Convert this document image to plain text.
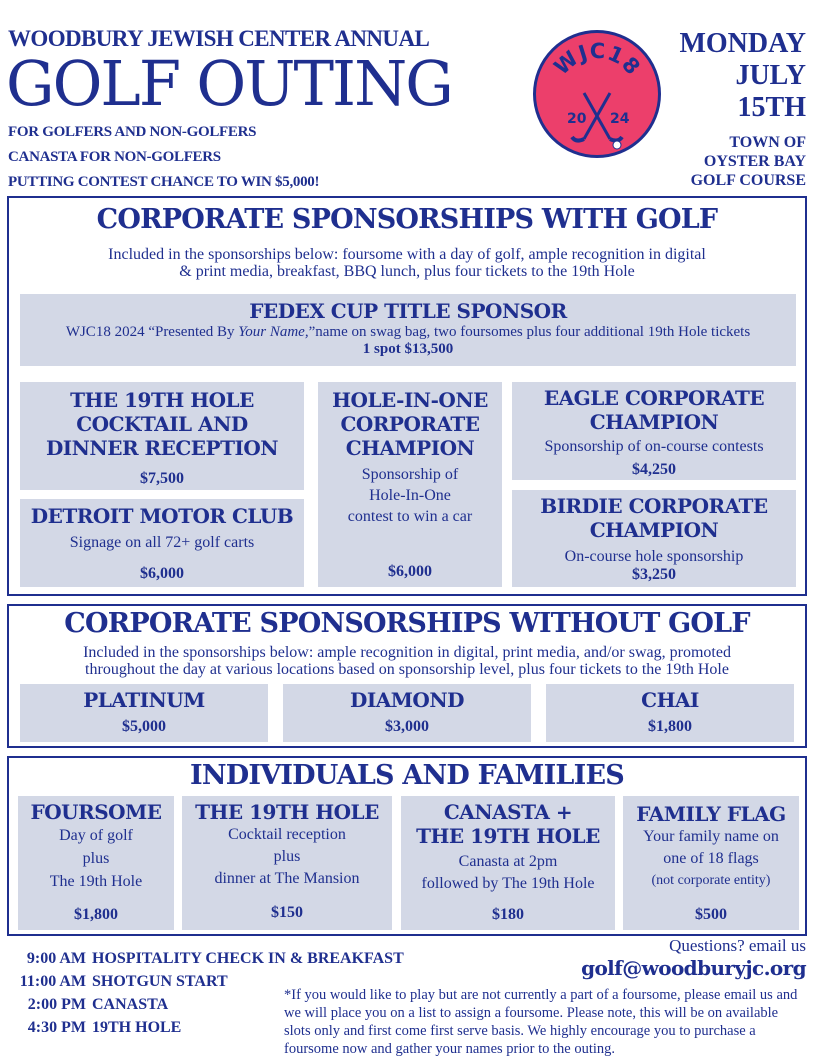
WOODBURY JEWISH CENTER ANNUAL
GOLF OUTING
FOR GOLFERS AND NON-GOLFERS
CANASTA FOR NON-GOLFERS
PUTTING CONTEST CHANCE TO WIN $5,000!
WJC18
20 24
MONDAY
JULY
15TH
TOWN OF
OYSTER BAY
GOLF COURSE
CORPORATE SPONSORSHIPS WITH GOLF
Included in the sponsorships below: foursome with a day of golf, ample recognition in digital
& print media, breakfast, BBQ lunch, plus four tickets to the 19th Hole
FEDEX CUP TITLE SPONSOR
WJC18 2024 “Presented By Your Name,”name on swag bag, two foursomes plus four additional 19th Hole tickets
1 spot $13,500
THE 19TH HOLE
COCKTAIL AND
DINNER RECEPTION
$7,500
DETROIT MOTOR CLUB
Signage on all 72+ golf carts
$6,000
HOLE-IN-ONE
CORPORATE
CHAMPION
Sponsorship of
Hole-In-One
contest to win a car
$6,000
EAGLE CORPORATE
CHAMPION
Sponsorship of on-course contests
$4,250
BIRDIE CORPORATE
CHAMPION
On-course hole sponsorship
$3,250
CORPORATE SPONSORSHIPS WITHOUT GOLF
Included in the sponsorships below: ample recognition in digital, print media, and/or swag, promoted
throughout the day at various locations based on sponsorship level, plus four tickets to the 19th Hole
PLATINUM
$5,000
DIAMOND
$3,000
CHAI
$1,800
INDIVIDUALS AND FAMILIES
FOURSOME
Day of golf
plus
The 19th Hole
$1,800
THE 19TH HOLE
Cocktail reception
plus
dinner at The Mansion
$150
CANASTA +
THE 19TH HOLE
Canasta at 2pm
followed by The 19th Hole
$180
FAMILY FLAG
Your family name on
one of 18 flags
(not corporate entity)
$500
9:00 AM HOSPITALITY CHECK IN & BREAKFAST
11:00 AM SHOTGUN START
2:00 PM CANASTA
4:30 PM 19TH HOLE
Questions? email us
golf@woodburyjc.org
*If you would like to play but are not currently a part of a foursome, please email us and we will place you on a list to assign a foursome. Please note, this will be on available slots only and first come first serve basis. We highly encourage you to purchase a foursome now and gather your names prior to the outing.
